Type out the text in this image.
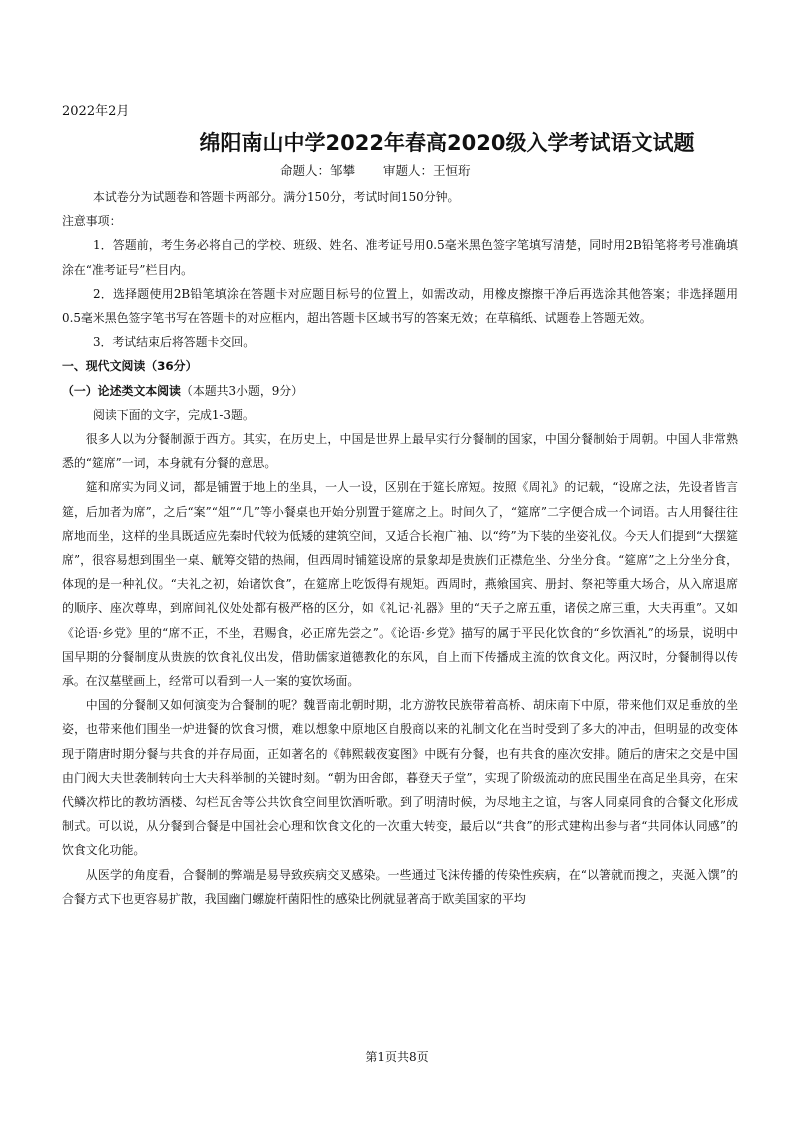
2022年2月
绵阳南山中学2022年春高2020级入学考试语文试题
命题人：邹攀 审题人：王恒珩

本试卷分为试题卷和答题卡两部分。满分150分，考试时间150分钟。

注意事项：

1．答题前，考生务必将自己的学校、班级、姓名、准考证号用0.5毫米黑色签字笔填写清楚，同时用2B铅笔将考号准确填涂在“准考证号”栏目内。

2．选择题使用2B铅笔填涂在答题卡对应题目标号的位置上，如需改动，用橡皮擦擦干净后再选涂其他答案；非选择题用0.5毫米黑色签字笔书写在答题卡的对应框内，超出答题卡区域书写的答案无效；在草稿纸、试题卷上答题无效。

3．考试结束后将答题卡交回。

一、现代文阅读（36分）

（一）论述类文本阅读（本题共3小题，9分）

阅读下面的文字，完成1-3题。

很多人以为分餐制源于西方。其实，在历史上，中国是世界上最早实行分餐制的国家，中国分餐制始于周朝。中国人非常熟悉的“筵席”一词，本身就有分餐的意思。

筵和席实为同义词，都是铺置于地上的坐具，一人一设，区别在于筵长席短。按照《周礼》的记载，“设席之法，先设者皆言筵，后加者为席”，之后“案”“俎”“几”等小餐桌也开始分别置于筵席之上。时间久了，“筵席”二字便合成一个词语。古人用餐往往席地而坐，这样的坐具既适应先秦时代较为低矮的建筑空间，又适合长袍广袖、以“绔”为下装的坐姿礼仪。今天人们提到“大摆筵席”，很容易想到围坐一桌、觥筹交错的热闹，但西周时铺筵设席的景象却是贵族们正襟危坐、分坐分食。“筵席”之上分坐分食，体现的是一种礼仪。“夫礼之初，始诸饮食”，在筵席上吃饭得有规矩。西周时，燕飨国宾、册封、祭祀等重大场合，从入席退席的顺序、座次尊卑，到席间礼仪处处都有极严格的区分，如《礼记·礼器》里的“天子之席五重，诸侯之席三重，大夫再重”。又如《论语·乡党》里的“席不正，不坐，君赐食，必正席先尝之”。《论语·乡党》描写的属于平民化饮食的“乡饮酒礼”的场景，说明中国早期的分餐制度从贵族的饮食礼仪出发，借助儒家道德教化的东风，自上而下传播成主流的饮食文化。两汉时，分餐制得以传承。在汉墓壁画上，经常可以看到一人一案的宴饮场面。

中国的分餐制又如何演变为合餐制的呢？魏晋南北朝时期，北方游牧民族带着高桥、胡床南下中原，带来他们双足垂放的坐姿，也带来他们围坐一炉进餐的饮食习惯，难以想象中原地区自殷商以来的礼制文化在当时受到了多大的冲击，但明显的改变体现于隋唐时期分餐与共食的并存局面，正如著名的《韩熙载夜宴图》中既有分餐，也有共食的座次安排。随后的唐宋之交是中国由门阀大夫世袭制转向士大夫科举制的关键时刻。“朝为田舍郎，暮登天子堂”，实现了阶级流动的庶民围坐在高足坐具旁，在宋代鳞次栉比的教坊酒楼、勾栏瓦舍等公共饮食空间里饮酒听歌。到了明清时候，为尽地主之谊，与客人同桌同食的合餐文化形成制式。可以说，从分餐到合餐是中国社会心理和饮食文化的一次重大转变，最后以“共食”的形式建构出参与者“共同体认同感”的饮食文化功能。

从医学的角度看，合餐制的弊端是易导致疾病交叉感染。一些通过飞沫传播的传染性疾病，在“以箸就而搜之，夹涎入馔”的合餐方式下也更容易扩散，我国幽门螺旋杆菌阳性的感染比例就显著高于欧美国家的平均

第1页共8页
